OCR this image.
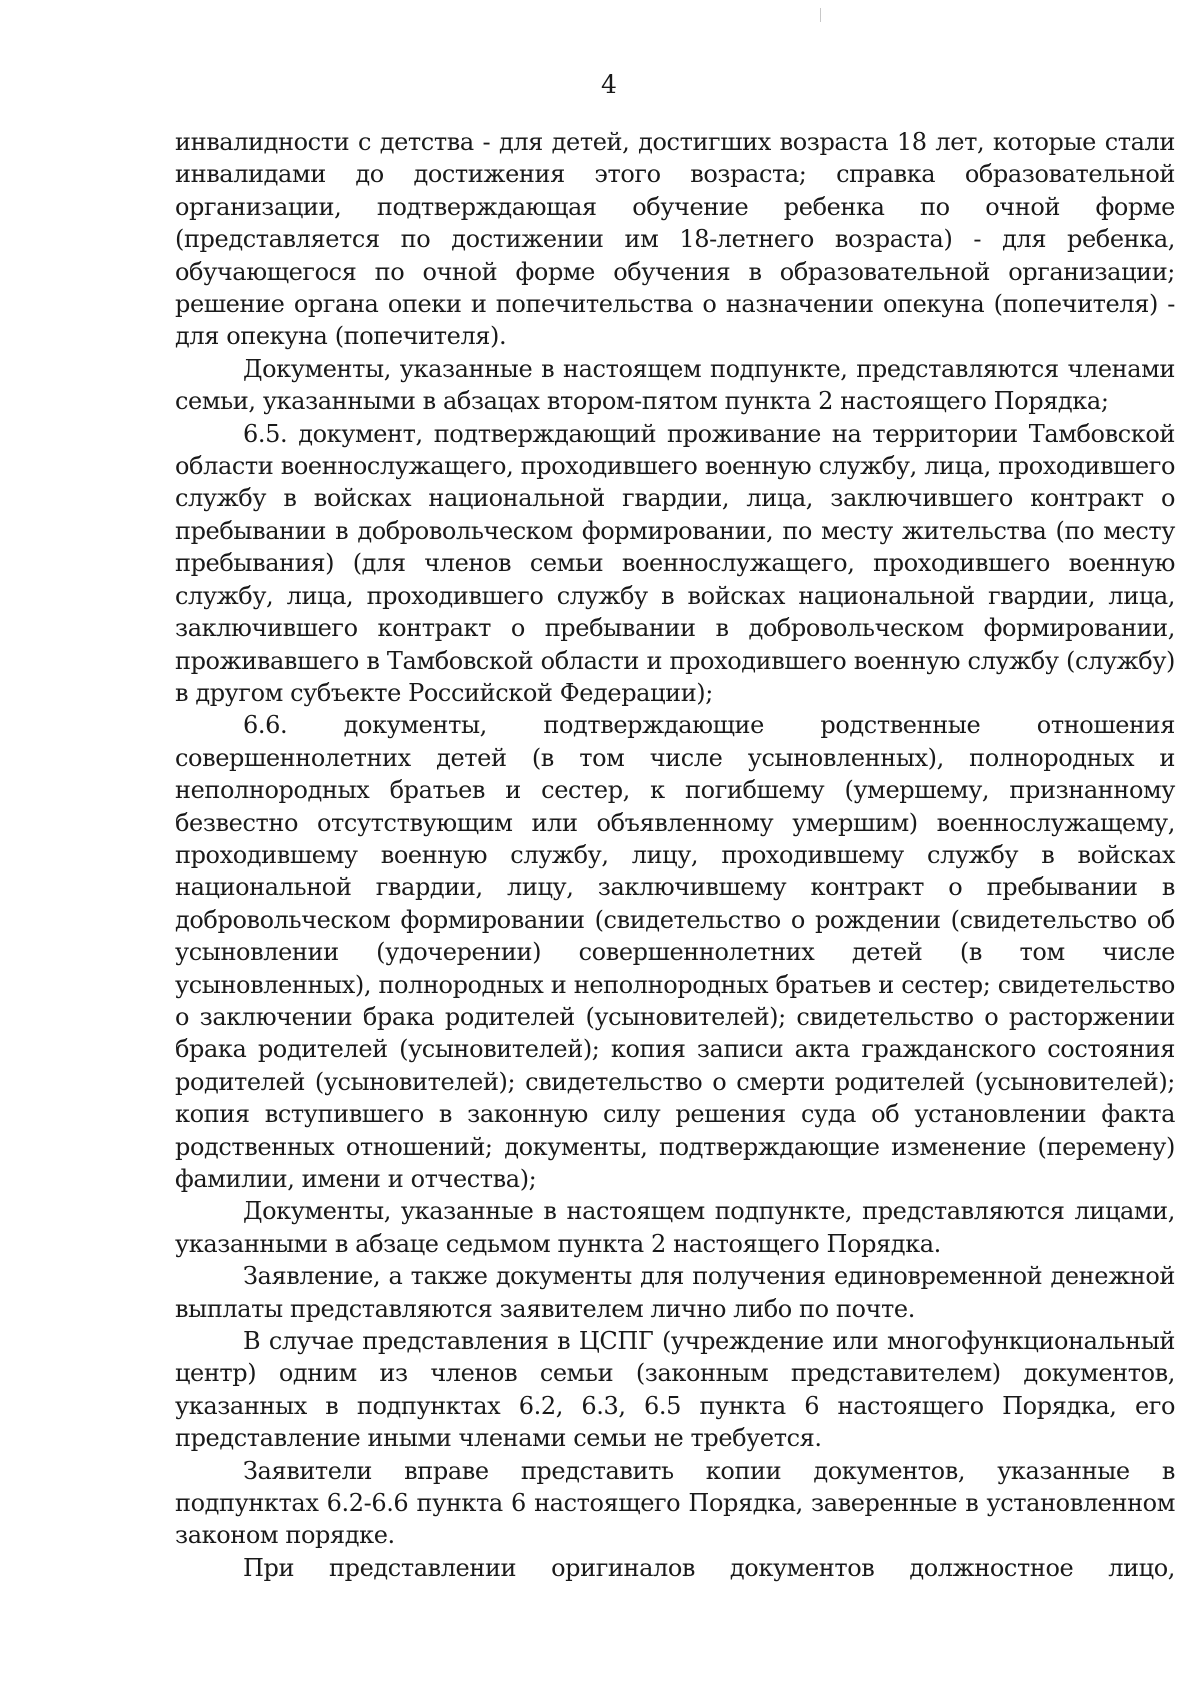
4

инвалидности с детства - для детей, достигших возраста 18 лет, которые стали инвалидами до достижения этого возраста; справка образовательной организации, подтверждающая обучение ребенка по очной форме (представляется по достижении им 18-летнего возраста) - для ребенка, обучающегося по очной форме обучения в образовательной организации; решение органа опеки и попечительства о назначении опекуна (попечителя) - для опекуна (попечителя).

Документы, указанные в настоящем подпункте, представляются членами семьи, указанными в абзацах втором-пятом пункта 2 настоящего Порядка;

6.5. документ, подтверждающий проживание на территории Тамбовской области военнослужащего, проходившего военную службу, лица, проходившего службу в войсках национальной гвардии, лица, заключившего контракт о пребывании в добровольческом формировании, по месту жительства (по месту пребывания) (для членов семьи военнослужащего, проходившего военную службу, лица, проходившего службу в войсках национальной гвардии, лица, заключившего контракт о пребывании в добровольческом формировании, проживавшего в Тамбовской области и проходившего военную службу (службу) в другом субъекте Российской Федерации);

6.6. документы, подтверждающие родственные отношения совершеннолетних детей (в том числе усыновленных), полнородных и неполнородных братьев и сестер, к погибшему (умершему, признанному безвестно отсутствующим или объявленному умершим) военнослужащему, проходившему военную службу, лицу, проходившему службу в войсках национальной гвардии, лицу, заключившему контракт о пребывании в добровольческом формировании (свидетельство о рождении (свидетельство об усыновлении (удочерении) совершеннолетних детей (в том числе усыновленных), полнородных и неполнородных братьев и сестер; свидетельство о заключении брака родителей (усыновителей); свидетельство о расторжении брака родителей (усыновителей); копия записи акта гражданского состояния родителей (усыновителей); свидетельство о смерти родителей (усыновителей); копия вступившего в законную силу решения суда об установлении факта родственных отношений; документы, подтверждающие изменение (перемену) фамилии, имени и отчества);

Документы, указанные в настоящем подпункте, представляются лицами, указанными в абзаце седьмом пункта 2 настоящего Порядка.

Заявление, а также документы для получения единовременной денежной выплаты представляются заявителем лично либо по почте.

В случае представления в ЦСПГ (учреждение или многофункциональный центр) одним из членов семьи (законным представителем) документов, указанных в подпунктах 6.2, 6.3, 6.5 пункта 6 настоящего Порядка, его представление иными членами семьи не требуется.

Заявители вправе представить копии документов, указанные в подпунктах 6.2-6.6 пункта 6 настоящего Порядка, заверенные в установленном законом порядке.

При представлении оригиналов документов должностное лицо,
